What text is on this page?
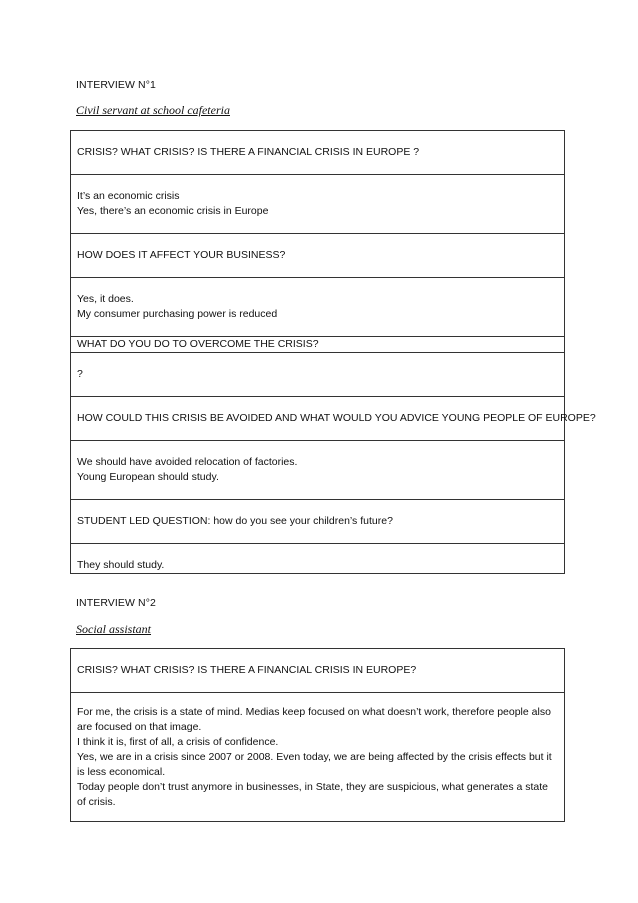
INTERVIEW N°1
Civil servant at school cafeteria
CRISIS? WHAT CRISIS? IS THERE A FINANCIAL CRISIS IN EUROPE ?

It’s an economic crisis
Yes, there’s an economic crisis in Europe

HOW DOES IT AFFECT YOUR BUSINESS?

Yes, it does.
My consumer purchasing power is reduced

WHAT DO YOU DO TO OVERCOME THE CRISIS?

?

HOW COULD THIS CRISIS BE AVOIDED AND WHAT WOULD YOU ADVICE YOUNG PEOPLE OF EUROPE?

We should have avoided relocation of factories.
Young European should study.

STUDENT LED QUESTION: how do you see your children’s future?

They should study.
INTERVIEW N°2
Social assistant
CRISIS? WHAT CRISIS? IS THERE A FINANCIAL CRISIS IN EUROPE?

For me, the crisis is a state of mind. Medias keep focused on what doesn’t work, therefore people also are focused on that image.
I think it is, first of all, a crisis of confidence.
Yes, we are in a crisis since 2007 or 2008. Even today, we are being affected by the crisis effects but it is less economical.
Today people don’t trust anymore in businesses, in State, they are suspicious, what generates a state of crisis.
